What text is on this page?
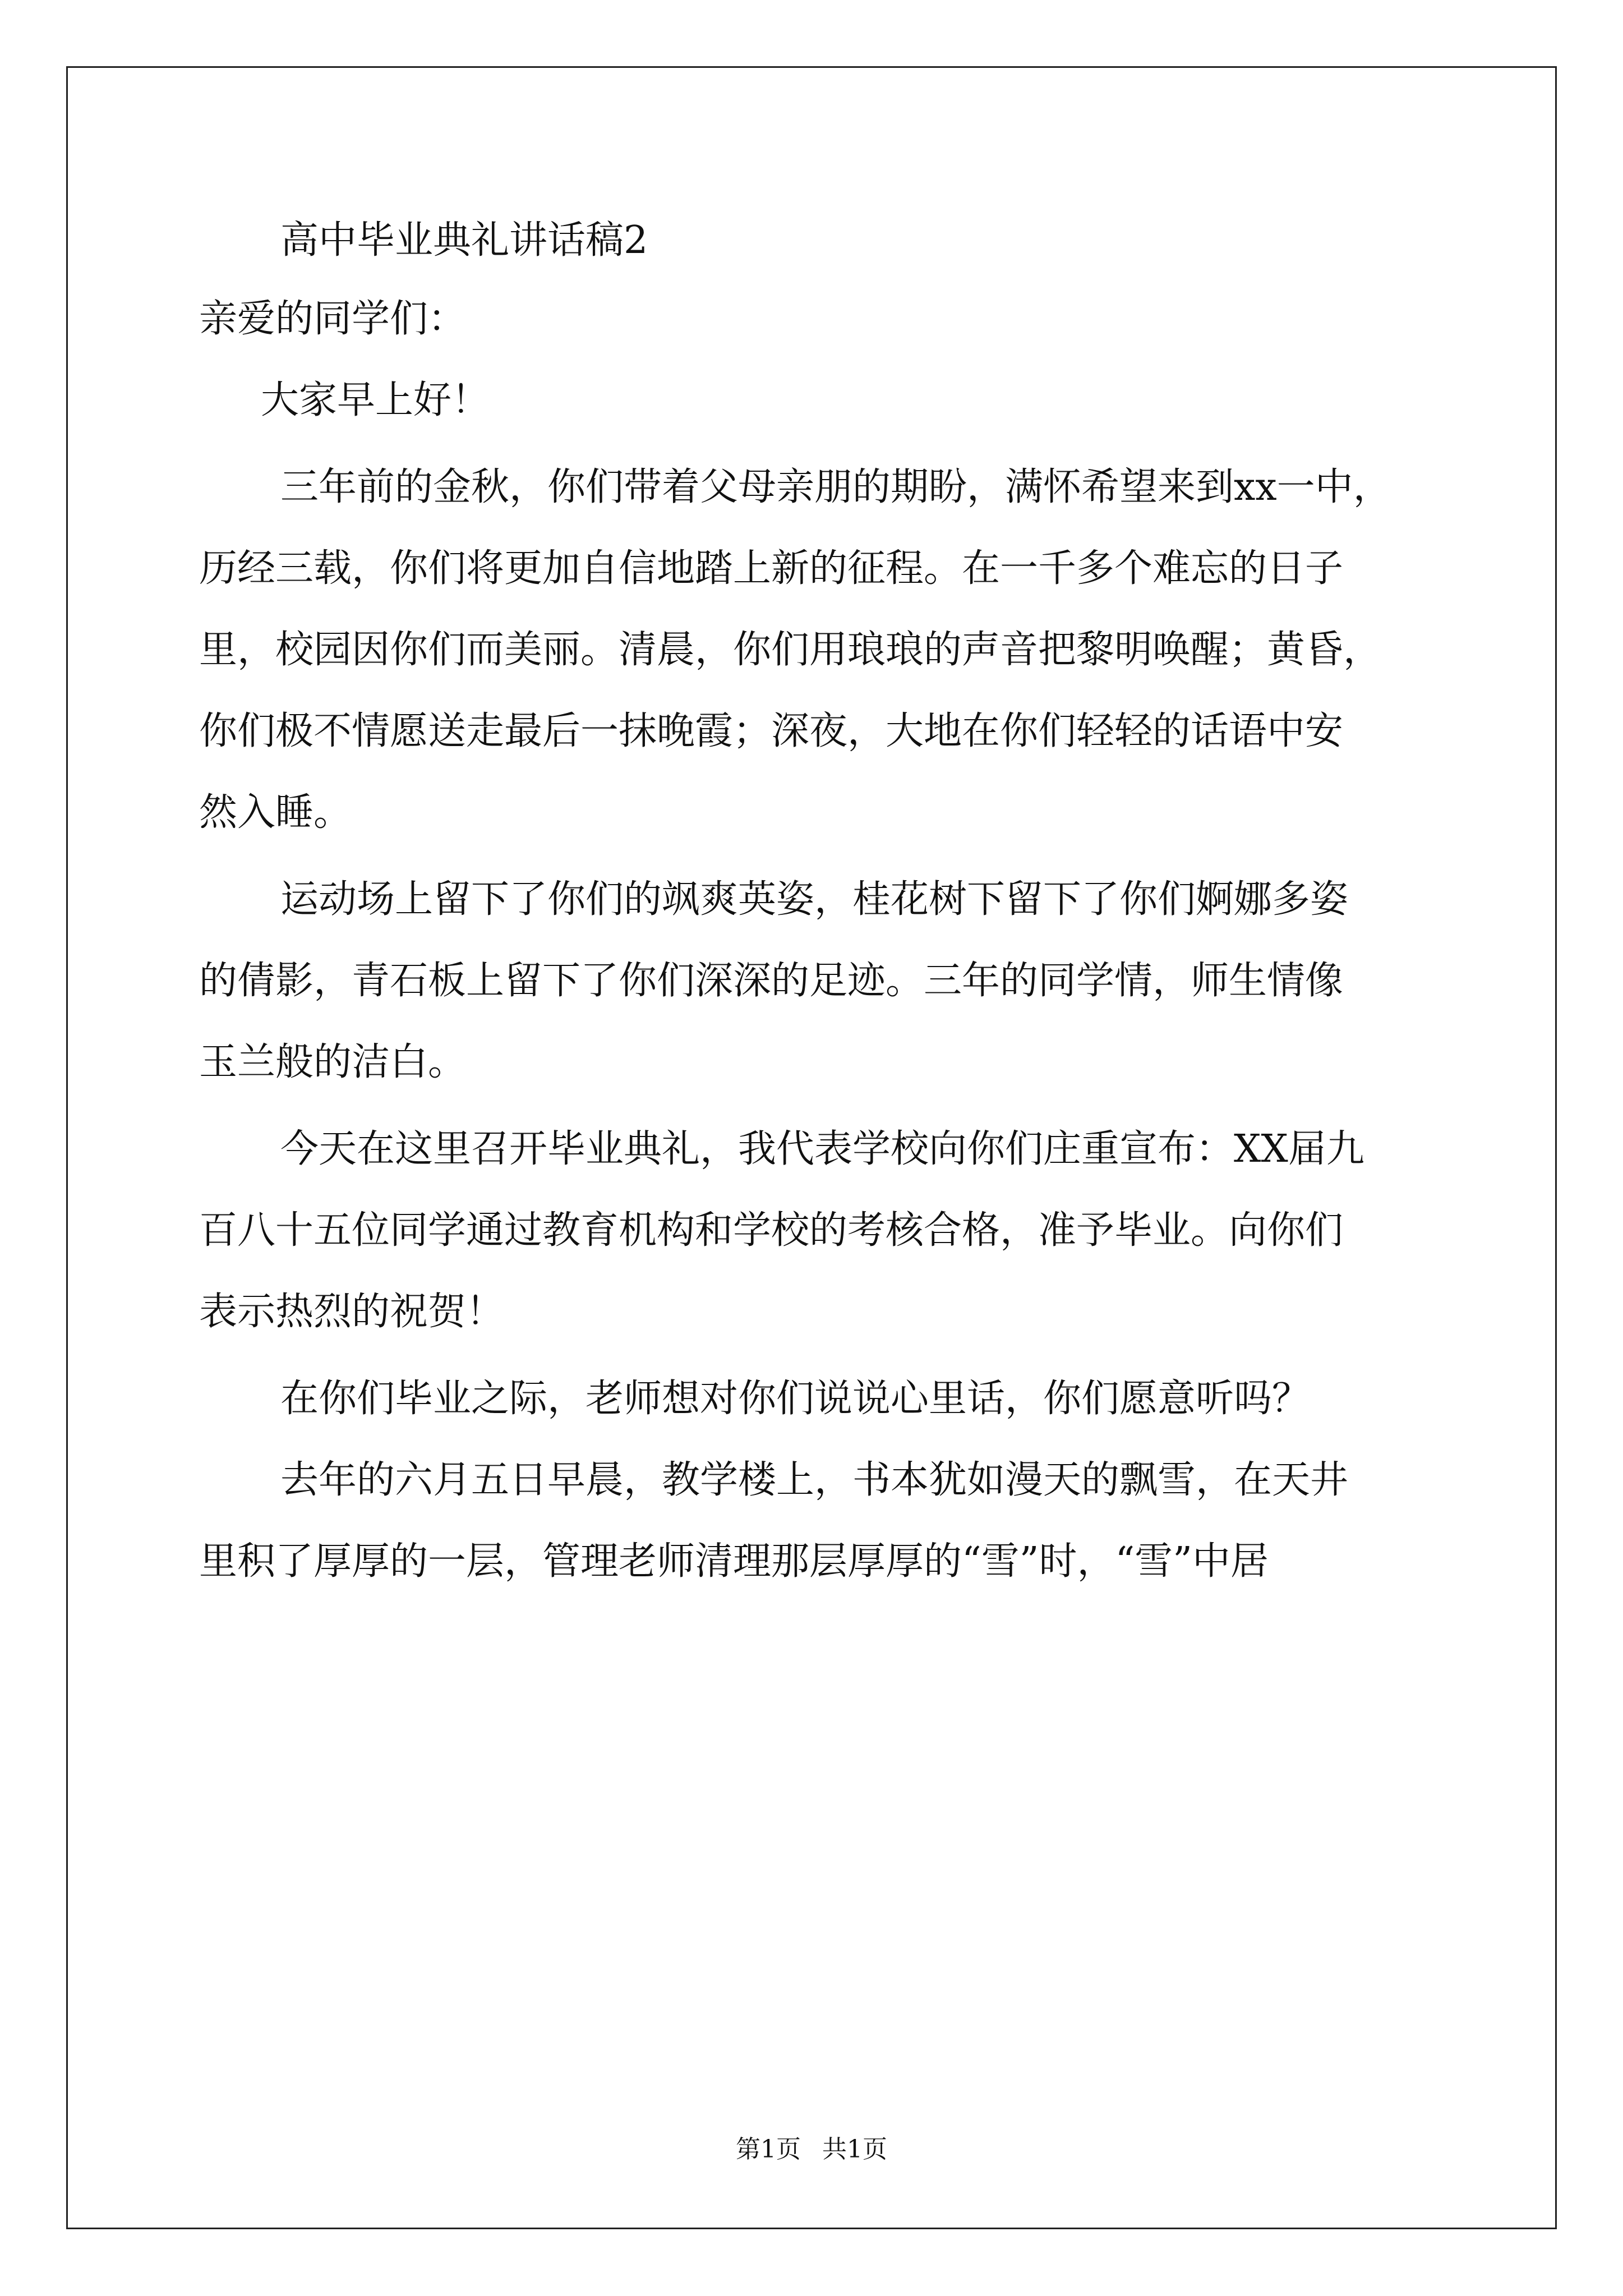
高中毕业典礼讲话稿2
亲爱的同学们：
大家早上好！
三年前的金秋，你们带着父母亲朋的期盼，满怀希望来到xx一中，
历经三载，你们将更加自信地踏上新的征程。在一千多个难忘的日子
里，校园因你们而美丽。清晨，你们用琅琅的声音把黎明唤醒；黄昏，
你们极不情愿送走最后一抹晚霞；深夜，大地在你们轻轻的话语中安
然入睡。
运动场上留下了你们的飒爽英姿，桂花树下留下了你们婀娜多姿
的倩影，青石板上留下了你们深深的足迹。三年的同学情，师生情像
玉兰般的洁白。
今天在这里召开毕业典礼，我代表学校向你们庄重宣布：XX届九
百八十五位同学通过教育机构和学校的考核合格，准予毕业。向你们
表示热烈的祝贺！
在你们毕业之际，老师想对你们说说心里话，你们愿意听吗？
去年的六月五日早晨，教学楼上，书本犹如漫天的飘雪，在天井
里积了厚厚的一层，管理老师清理那层厚厚的“雪”时，“雪”中居
第1页 共1页
